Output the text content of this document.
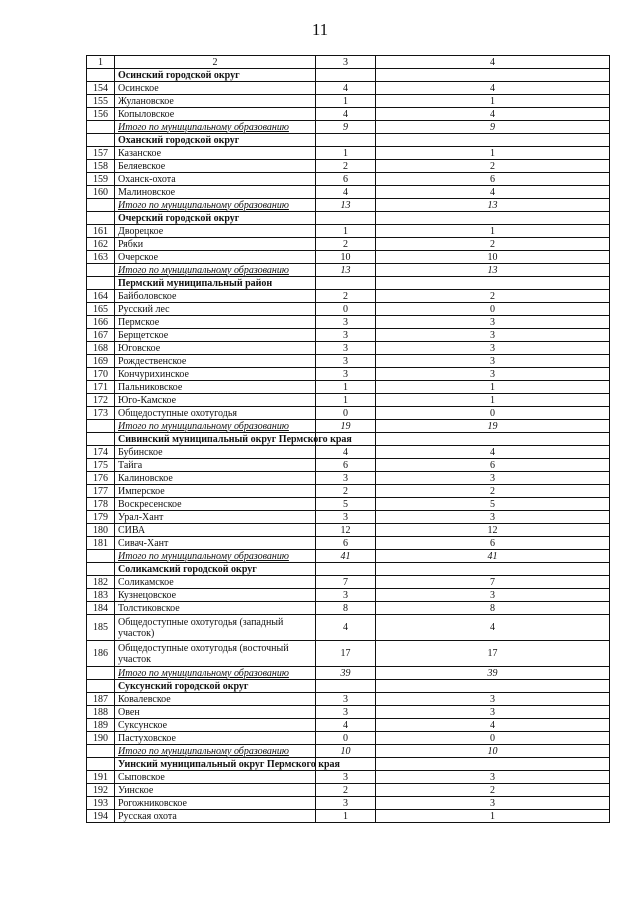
11
1	2	3	4
	Осинский городской округ		
154	Осинское	4	4
155	Жулановское	1	1
156	Копыловское	4	4
	Итого по муниципальному образованию	9	9
	Оханский городской округ		
157	Казанское	1	1
158	Беляевское	2	2
159	Оханск-охота	6	6
160	Малиновское	4	4
	Итого по муниципальному образованию	13	13
	Очерский городской округ		
161	Дворецкое	1	1
162	Рябки	2	2
163	Очерское	10	10
	Итого по муниципальному образованию	13	13
	Пермский муниципальный район		
164	Байболовское	2	2
165	Русский лес	0	0
166	Пермское	3	3
167	Берщетское	3	3
168	Юговское	3	3
169	Рождественское	3	3
170	Кончурихинское	3	3
171	Пальниковское	1	1
172	Юго-Камское	1	1
173	Общедоступные охотугодья	0	0
	Итого по муниципальному образованию	19	19
	Сивинский муниципальный округ Пермского края		
174	Бубинское	4	4
175	Тайга	6	6
176	Калиновское	3	3
177	Имперское	2	2
178	Воскресенское	5	5
179	Урал-Хант	3	3
180	СИВА	12	12
181	Сивач-Хант	6	6
	Итого по муниципальному образованию	41	41
	Соликамский городской округ		
182	Соликамское	7	7
183	Кузнецовское	3	3
184	Толстиковское	8	8
185	Общедоступные охотугодья (западный участок)	4	4
186	Общедоступные охотугодья (восточный участок	17	17
	Итого по муниципальному образованию	39	39
	Суксунский городской округ		
187	Ковалевское	3	3
188	Овен	3	3
189	Суксунское	4	4
190	Пастуховское	0	0
	Итого по муниципальному образованию	10	10
	Уинский муниципальный округ Пермского края		
191	Сыповское	3	3
192	Уинское	2	2
193	Рогожниковское	3	3
194	Русская охота	1	1
